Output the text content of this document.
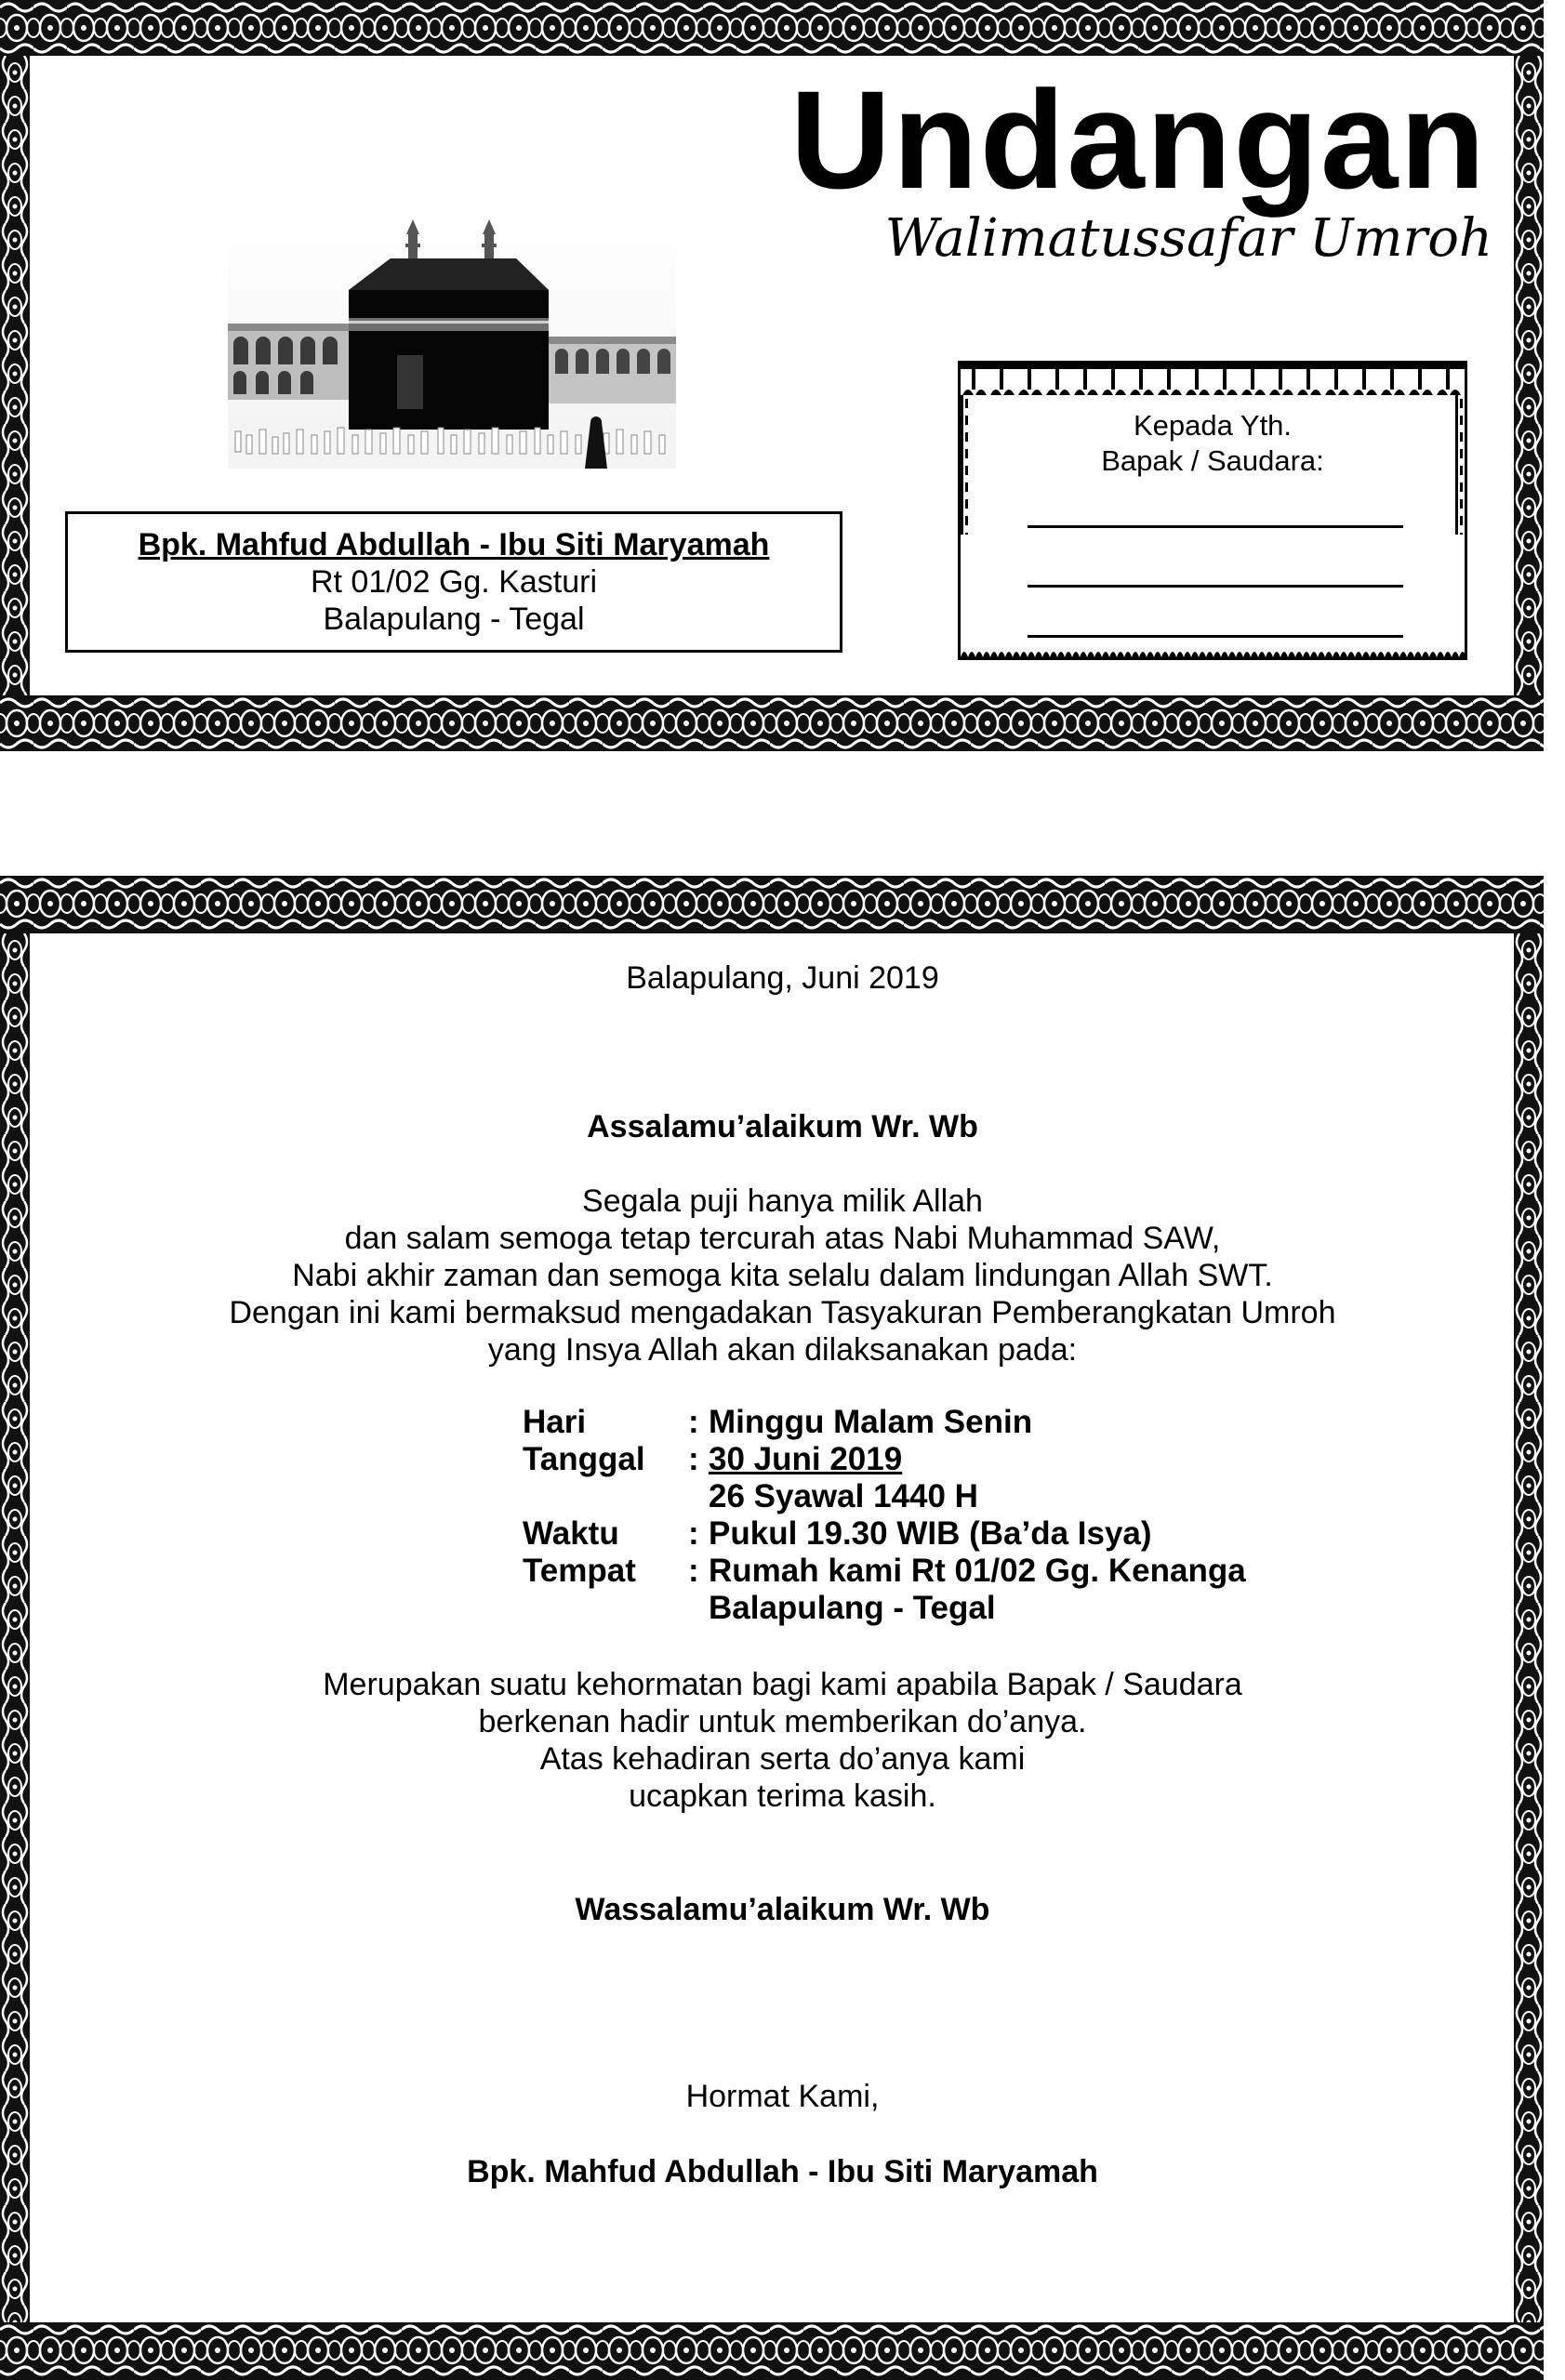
Undangan
Walimatussafar Umroh
Bpk. Mahfud Abdullah - Ibu Siti Maryamah
Rt 01/02 Gg. Kasturi
Balapulang - Tegal
Kepada Yth.
Bapak / Saudara:
Balapulang, Juni 2019
Assalamu’alaikum Wr. Wb
Segala puji hanya milik Allah
dan salam semoga tetap tercurah atas Nabi Muhammad SAW,
Nabi akhir zaman dan semoga kita selalu dalam lindungan Allah SWT.
Dengan ini kami bermaksud mengadakan Tasyakuran Pemberangkatan Umroh
yang Insya Allah akan dilaksanakan pada:
Hari	: Minggu Malam Senin
Tanggal	: 30 Juni 2019
26 Syawal 1440 H
Waktu	: Pukul 19.30 WIB (Ba’da Isya)
Tempat	: Rumah kami Rt 01/02 Gg. Kenanga
Balapulang - Tegal
Merupakan suatu kehormatan bagi kami apabila Bapak / Saudara
berkenan hadir untuk memberikan do’anya.
Atas kehadiran serta do’anya kami
ucapkan terima kasih.
Wassalamu’alaikum Wr. Wb
Hormat Kami,
Bpk. Mahfud Abdullah - Ibu Siti Maryamah
